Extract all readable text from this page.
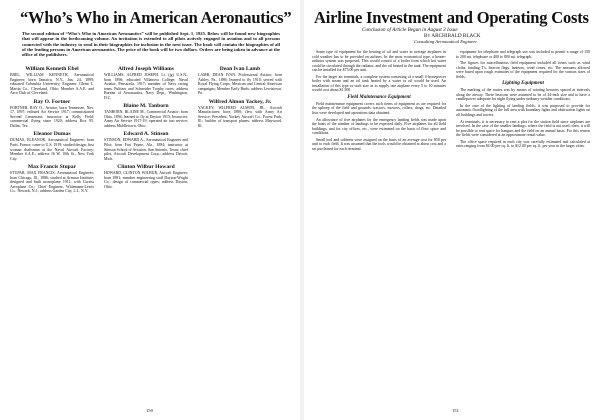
“Who’s Who in American Aeronautics”
The second edition of “Who’s Who in American Aeronautics” will be published Sept. 1, 1925. Below will be found new biographies that will appear in the forthcoming volume. An invitation is extended to all pilots actively engaged in aviation and to all persons connected with the industry to send in their biographies for inclusion in the next issue. The book will contain the biographies of all of the leading persons in American aeronautics. The price of the book will be two dollars. Orders are being taken in advance at the office of the publishers.
William Kenneth Ebel
EBEL, WILLIAM KENNETH, Aeronautical Engineer; born Jamaica, N.Y., Jan. 24, 1899; educated Columbia University; Engineer, Glenn L. Martin Co., Cleveland, Ohio; Member S.A.E. and Aero Club of Cleveland.
Ray O. Fortner
FORTNER, RAY O., Aviator; born Tennessee, Nov. 17, 1897; enlisted Air Service 1917; commissioned Second Lieutenant; instructor at Kelly Field; commercial flying since 1920; address Box 95, Dallas, Tex.
Eleanor Dumas
DUMAS, ELEANOR, Aeronautical Engineer; born Paris, France; came to U.S. 1919; studied design; first woman draftsman at the Naval Aircraft Factory; Member S.A.E.; address 16 W. 10th St., New York City.
Max Francis Stupar
STUPAR, MAX FRANCIS, Aeronautical Engineer; born Chicago, Ill., 1886; studied at Armour Institute; designed and built monoplane 1911; with Curtiss Aeroplane Co.; Chief Engineer, Wittemann-Lewis Co., Newark, N.J.; address Garden City, L.I., N.Y.
Alfred Joseph Williams
WILLIAMS, ALFRED JOSEPH, Lt. (jg) U.S.N., born 1896; educated Villanova College; Naval Aviator, Pensacola, 1917; member of Navy racing team, Pulitzer and Schneider Trophy races; address Bureau of Aeronautics, Navy Dept., Washington, D.C.
Blaine M. Tanborn
TANBORN, BLAINE M., Commercial Aviator; born Ohio, 1894; learned to fly at Dayton 1915; Instructor, Army Air Service 1917-19; operated air taxi service; address Middletown, Ohio.
Edward A. Stinson
STINSON, EDWARD A., Aeronautical Engineer and Pilot; born Fort Payne, Ala., 1894; instructor at Stinson School of Aviation, San Antonio, Texas; chief pilot, Aircraft Development Corp.; address Detroit, Mich.
Clinton Wilbur Howard
HOWARD, CLINTON WILBUR, Aircraft Engineer; born 1891; member engineering staff Dayton-Wright Co.; design of commercial types; address Dayton, Ohio.
Dean Ivan Lamb
LAMB, DEAN IVAN, Professional Aviator; born Ashley, Pa., 1886; learned to fly 1910; served with Royal Flying Corps; Mexican and Central American campaigns; Member Early Birds; address Lewistown, Pa.
Wilfred Almon Yackey, Jr.
YACKEY, WILFRED ALMON, JR., Aircraft Manufacturer; born 1890; flew with Army Air Service; President, Yackey Aircraft Co., Forest Park, Ill.; builder of transport planes; address Maywood, Ill.
150
Airline Investment and Operating Costs
Conclusion of Article Begun in August 3 Issue
By ARCHIBALD BLACK
Consulting Aeronautical Engineer
Some type of equipment for the heating of oil and water in average airplanes in cold weather has to be provided on airlines. In the most economical type, a heater-radiator system was proposed. This would consist of a boiler from which hot water could be circulated through the radiator, and the oil heated in the tank. The equipment can be installed for $75.00 per unit.
For the larger air terminals, a complete system consisting of a small 4-horsepower boiler with steam and an oil tank heated by a water or oil would be used. An installation of this type or such size as to supply one airplane every 5 to 10 minutes would cost about $1,500.
Field Maintenance Equipment
Field maintenance equipment covers such items of equipment as are required for the upkeep of the field and grounds: tractors, mowers, rollers, drags, etc. Detailed lists were developed and operations data obtained.
An allowance of five airplanes for the emergency landing fields was made upon the basis of the number of landings to be expected daily. Five airplanes for all field buildings, and for city offices, etc., were estimated on the basis of floor space and conditions.
Small tool and cabinets were assigned on the basis of an average cost for $50 per unit to each field. It was assumed that the tools would be obtained at about cost and a set purchased for each terminal.
equipment for telephone and telegraph use was included to permit a range of 150 to 200 mi. telephone or 400 to 800 mi. telegraph.
The figures for miscellaneous field equipment included all items such as wind cloths, landing T's, beacon flags, lanterns, wind cones, etc. The amounts allowed were based upon rough estimates of the equipment required for the various sizes of fields.
Lighting Equipment
The marking of the routes was by means of rotating beacons spaced at intervals along the airway. These beacons were assumed to be of 24-inch size and to have a candlepower adequate for night flying under ordinary weather conditions.
In the case of the lighting of landing fields, it was proposed to provide for automatic floodlighting of the full area with boundary lights and obstruction lights on all buildings and towers.
At terminals, it is necessary to rent a plot for the station field since airplanes are involved. In the case of the smaller landings, where the field is not used often, it will be possible to rent space for hangars and the field on an annual basis. For this reason the fields were considered at an approximate rental value.
The office space required in each city was carefully estimated and calculated at rates ranging from $4.00 per sq. ft. to $12.00 per sq. ft. per year in the larger cities.
151
